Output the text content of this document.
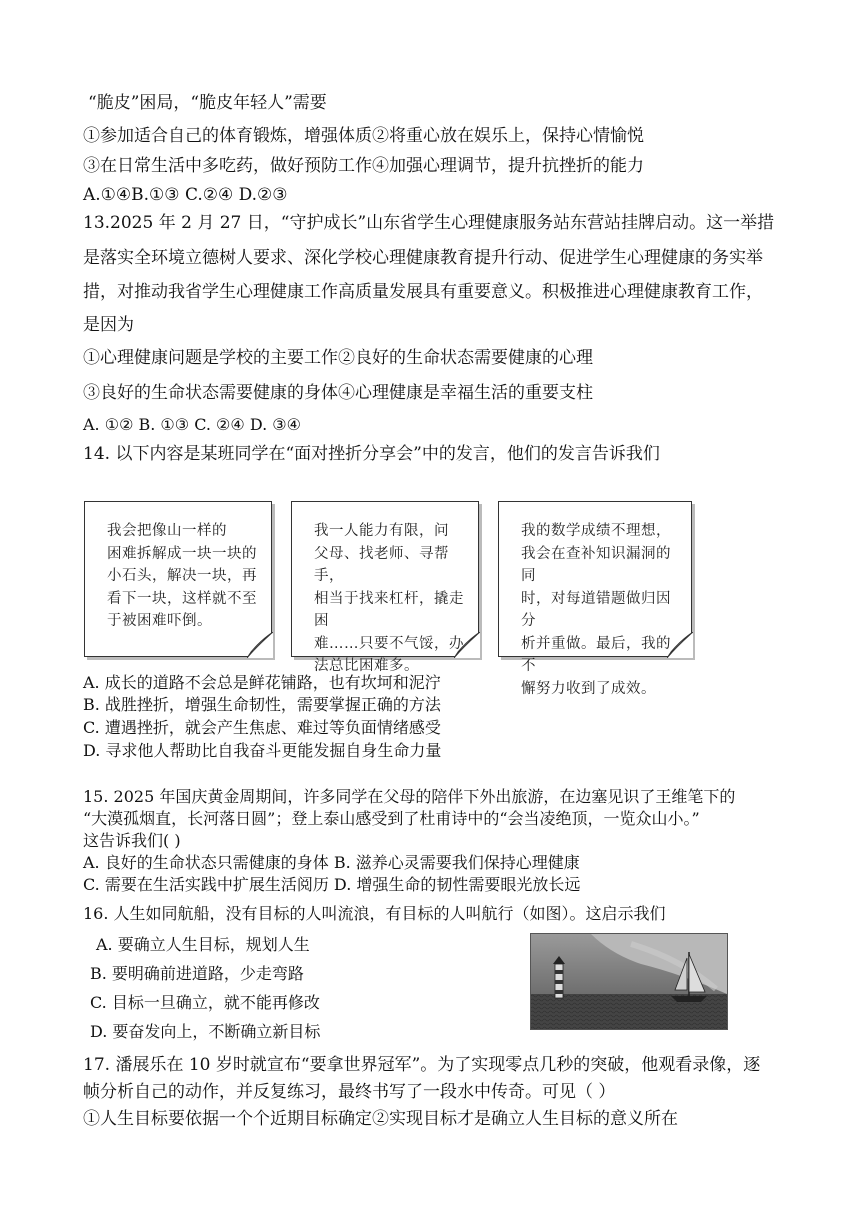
“脆皮”困局，“脆皮年轻人”需要
①参加适合自己的体育锻炼，增强体质②将重心放在娱乐上，保持心情愉悦
③在日常生活中多吃药，做好预防工作④加强心理调节，提升抗挫折的能力
A.①④B.①③ C.②④ D.②③
13.2025 年 2 月 27 日，“守护成长”山东省学生心理健康服务站东营站挂牌启动。这一举措
是落实全环境立德树人要求、深化学校心理健康教育提升行动、促进学生心理健康的务实举
措，对推动我省学生心理健康工作高质量发展具有重要意义。积极推进心理健康教育工作，
是因为
①心理健康问题是学校的主要工作②良好的生命状态需要健康的心理
③良好的生命状态需要健康的身体④心理健康是幸福生活的重要支柱
A. ①② B. ①③ C. ②④ D. ③④
14. 以下内容是某班同学在“面对挫折分享会”中的发言，他们的发言告诉我们
我会把像山一样的
困难拆解成一块一块的
小石头，解决一块，再
看下一块，这样就不至
于被困难吓倒。
我一人能力有限，问
父母、找老师、寻帮手，
相当于找来杠杆，撬走困
难……只要不气馁，办
法总比困难多。
我的数学成绩不理想，
我会在查补知识漏洞的同
时，对每道错题做归因分
析并重做。最后，我的不
懈努力收到了成效。
A. 成长的道路不会总是鲜花铺路，也有坎坷和泥泞
B. 战胜挫折，增强生命韧性，需要掌握正确的方法
C. 遭遇挫折，就会产生焦虑、难过等负面情绪感受
D. 寻求他人帮助比自我奋斗更能发掘自身生命力量
15. 2025 年国庆黄金周期间，许多同学在父母的陪伴下外出旅游，在边塞见识了王维笔下的
“大漠孤烟直，长河落日圆”；登上泰山感受到了杜甫诗中的“会当凌绝顶，一览众山小。”
这告诉我们( )
A. 良好的生命状态只需健康的身体 B. 滋养心灵需要我们保持心理健康
C. 需要在生活实践中扩展生活阅历 D. 增强生命的韧性需要眼光放长远
16. 人生如同航船，没有目标的人叫流浪，有目标的人叫航行（如图）。这启示我们
A. 要确立人生目标，规划人生
B. 要明确前进道路，少走弯路
C. 目标一旦确立，就不能再修改
D. 要奋发向上，不断确立新目标
17. 潘展乐在 10 岁时就宣布“要拿世界冠军”。为了实现零点几秒的突破，他观看录像，逐
帧分析自己的动作，并反复练习，最终书写了一段水中传奇。可见（ ）
①人生目标要依据一个个近期目标确定②实现目标才是确立人生目标的意义所在
